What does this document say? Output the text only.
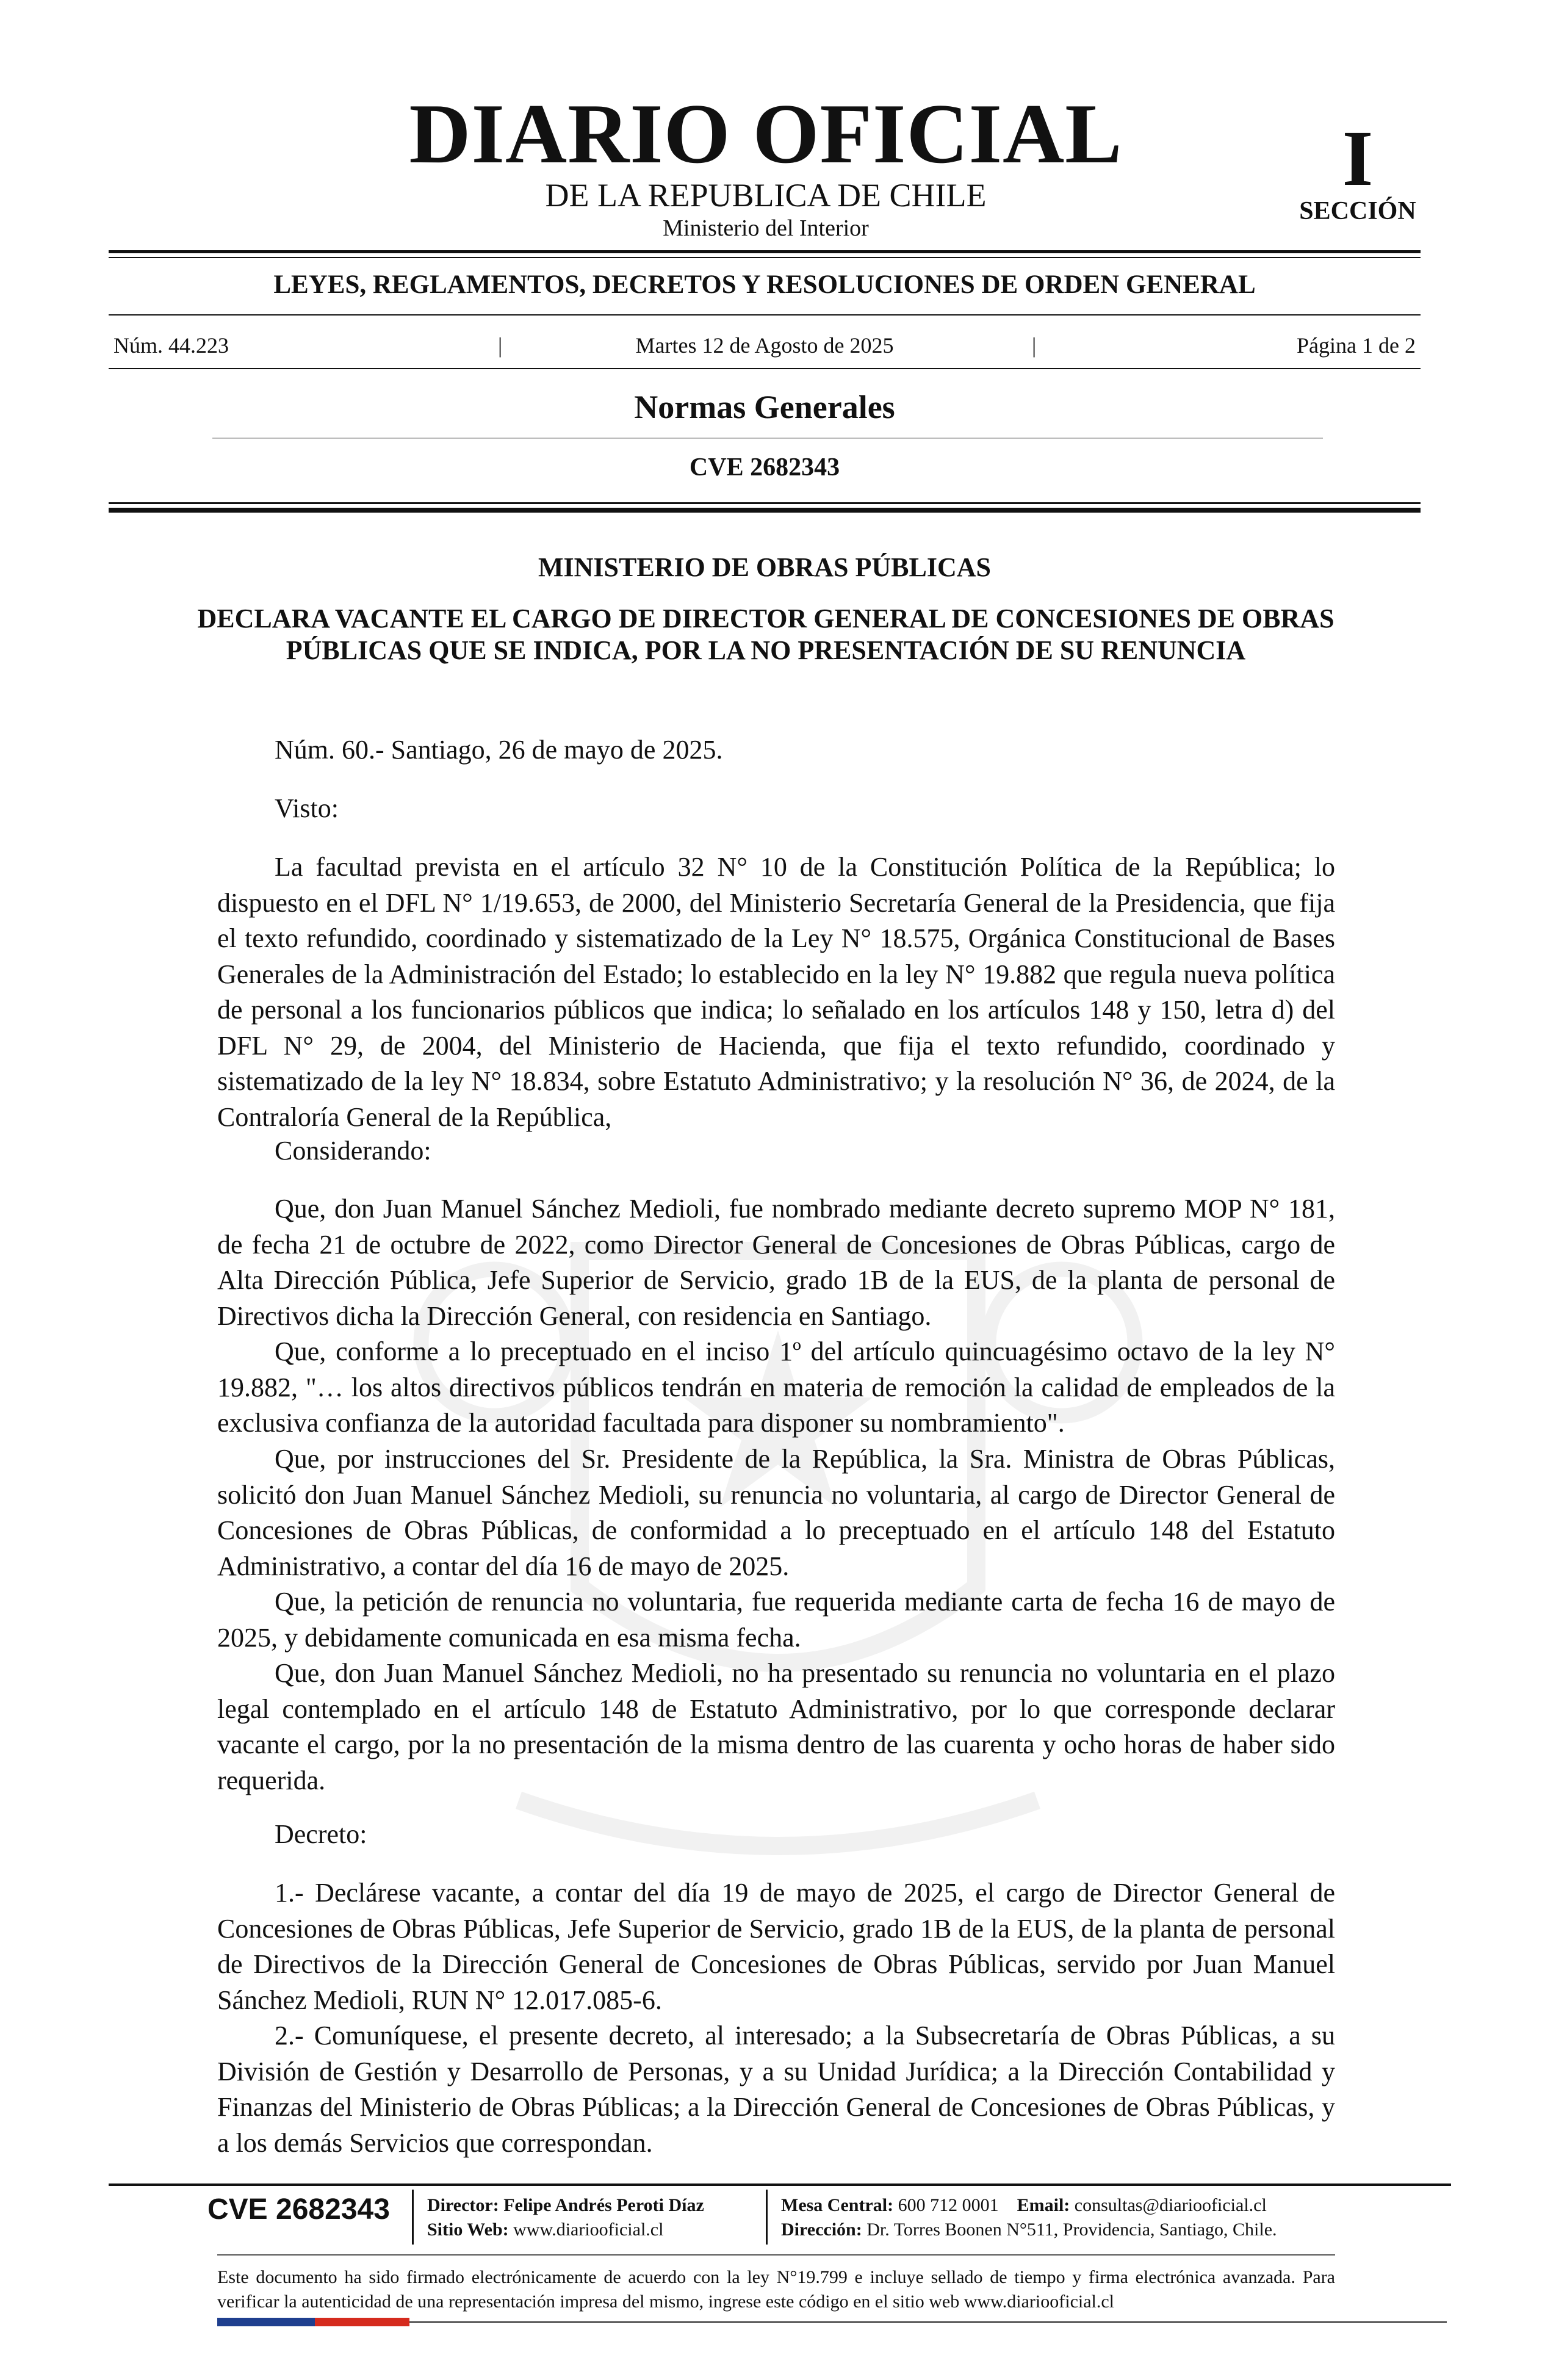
DIARIO OFICIAL
DE LA REPUBLICA DE CHILE
Ministerio del Interior
I
SECCIÓN
LEYES, REGLAMENTOS, DECRETOS Y RESOLUCIONES DE ORDEN GENERAL
Núm. 44.223	|	Martes 12 de Agosto de 2025	|	Página 1 de 2
Normas Generales
CVE 2682343
MINISTERIO DE OBRAS PÚBLICAS
DECLARA VACANTE EL CARGO DE DIRECTOR GENERAL DE CONCESIONES DE OBRAS PÚBLICAS QUE SE INDICA, POR LA NO PRESENTACIÓN DE SU RENUNCIA
Núm. 60.- Santiago, 26 de mayo de 2025.
Visto:
La facultad prevista en el artículo 32 N° 10 de la Constitución Política de la República; lo dispuesto en el DFL N° 1/19.653, de 2000, del Ministerio Secretaría General de la Presidencia, que fija el texto refundido, coordinado y sistematizado de la Ley N° 18.575, Orgánica Constitucional de Bases Generales de la Administración del Estado; lo establecido en la ley N° 19.882 que regula nueva política de personal a los funcionarios públicos que indica; lo señalado en los artículos 148 y 150, letra d) del DFL N° 29, de 2004, del Ministerio de Hacienda, que fija el texto refundido, coordinado y sistematizado de la ley N° 18.834, sobre Estatuto Administrativo; y la resolución N° 36, de 2024, de la Contraloría General de la República,
Considerando:
Que, don Juan Manuel Sánchez Medioli, fue nombrado mediante decreto supremo MOP N° 181, de fecha 21 de octubre de 2022, como Director General de Concesiones de Obras Públicas, cargo de Alta Dirección Pública, Jefe Superior de Servicio, grado 1B de la EUS, de la planta de personal de Directivos dicha la Dirección General, con residencia en Santiago.
Que, conforme a lo preceptuado en el inciso 1º del artículo quincuagésimo octavo de la ley N° 19.882, "… los altos directivos públicos tendrán en materia de remoción la calidad de empleados de la exclusiva confianza de la autoridad facultada para disponer su nombramiento".
Que, por instrucciones del Sr. Presidente de la República, la Sra. Ministra de Obras Públicas, solicitó don Juan Manuel Sánchez Medioli, su renuncia no voluntaria, al cargo de Director General de Concesiones de Obras Públicas, de conformidad a lo preceptuado en el artículo 148 del Estatuto Administrativo, a contar del día 16 de mayo de 2025.
Que, la petición de renuncia no voluntaria, fue requerida mediante carta de fecha 16 de mayo de 2025, y debidamente comunicada en esa misma fecha.
Que, don Juan Manuel Sánchez Medioli, no ha presentado su renuncia no voluntaria en el plazo legal contemplado en el artículo 148 de Estatuto Administrativo, por lo que corresponde declarar vacante el cargo, por la no presentación de la misma dentro de las cuarenta y ocho horas de haber sido requerida.
Decreto:
1.- Declárese vacante, a contar del día 19 de mayo de 2025, el cargo de Director General de Concesiones de Obras Públicas, Jefe Superior de Servicio, grado 1B de la EUS, de la planta de personal de Directivos de la Dirección General de Concesiones de Obras Públicas, servido por Juan Manuel Sánchez Medioli, RUN N° 12.017.085-6.
2.- Comuníquese, el presente decreto, al interesado; a la Subsecretaría de Obras Públicas, a su División de Gestión y Desarrollo de Personas, y a su Unidad Jurídica; a la Dirección Contabilidad y Finanzas del Ministerio de Obras Públicas; a la Dirección General de Concesiones de Obras Públicas, y a los demás Servicios que correspondan.
CVE 2682343 Director: Felipe Andrés Peroti Díaz
Sitio Web: www.diariooficial.cl
Mesa Central: 600 712 0001 Email: consultas@diariooficial.cl
Dirección: Dr. Torres Boonen N°511, Providencia, Santiago, Chile.
Este documento ha sido firmado electrónicamente de acuerdo con la ley N°19.799 e incluye sellado de tiempo y firma electrónica avanzada. Para verificar la autenticidad de una representación impresa del mismo, ingrese este código en el sitio web www.diariooficial.cl
